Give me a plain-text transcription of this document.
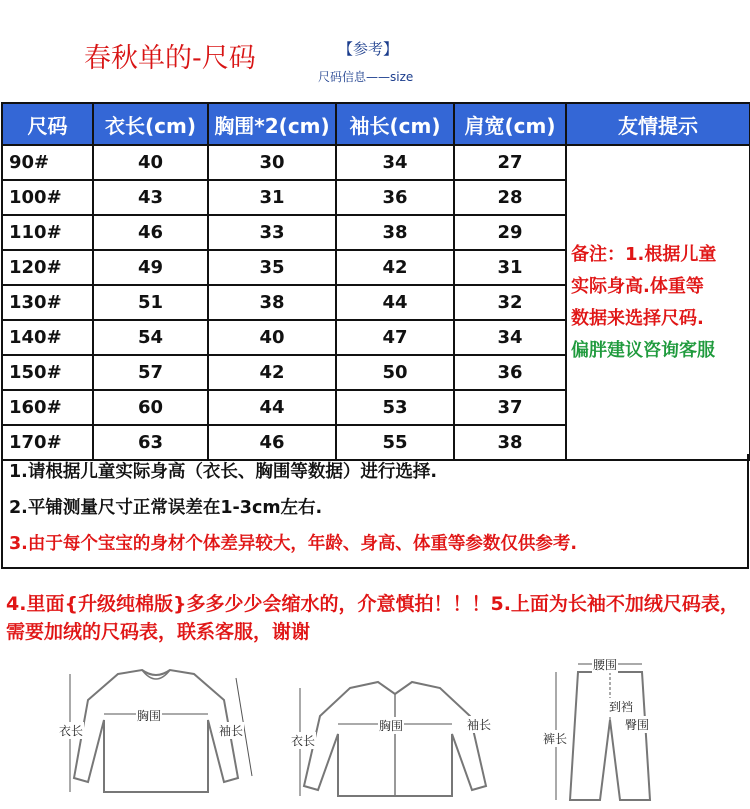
春秋单的-尺码	【参考】
尺码信息——size
尺码	衣长(cm)	胸围*2(cm)	袖长(cm)	肩宽(cm)	友情提示
90#	40	30	34	27	备注：1.根据儿童
实际身高.体重等
数据来选择尺码.
偏胖建议咨询客服

100#	43	31	36	28	
110#	46	33	38	29	
120#	49	35	42	31	
130#	51	38	44	32	
140#	54	40	47	34	
150#	57	42	50	36	
160#	60	44	53	37	
170#	63	46	55	38	
1.请根据儿童实际身高（衣长、胸围等数据）进行选择.
2.平铺测量尺寸正常误差在1-3cm左右.
3.由于每个宝宝的身材个体差异较大，年龄、身高、体重等参数仅供参考.
4.里面{升级纯棉版}多多少少会缩水的，介意慎拍！！！5.上面为长袖不加绒尺码表，需要加绒的尺码表，联系客服，谢谢
衣长
胸围
袖长
衣长
胸围	袖长
腰围
到裆
臀围
裤长
